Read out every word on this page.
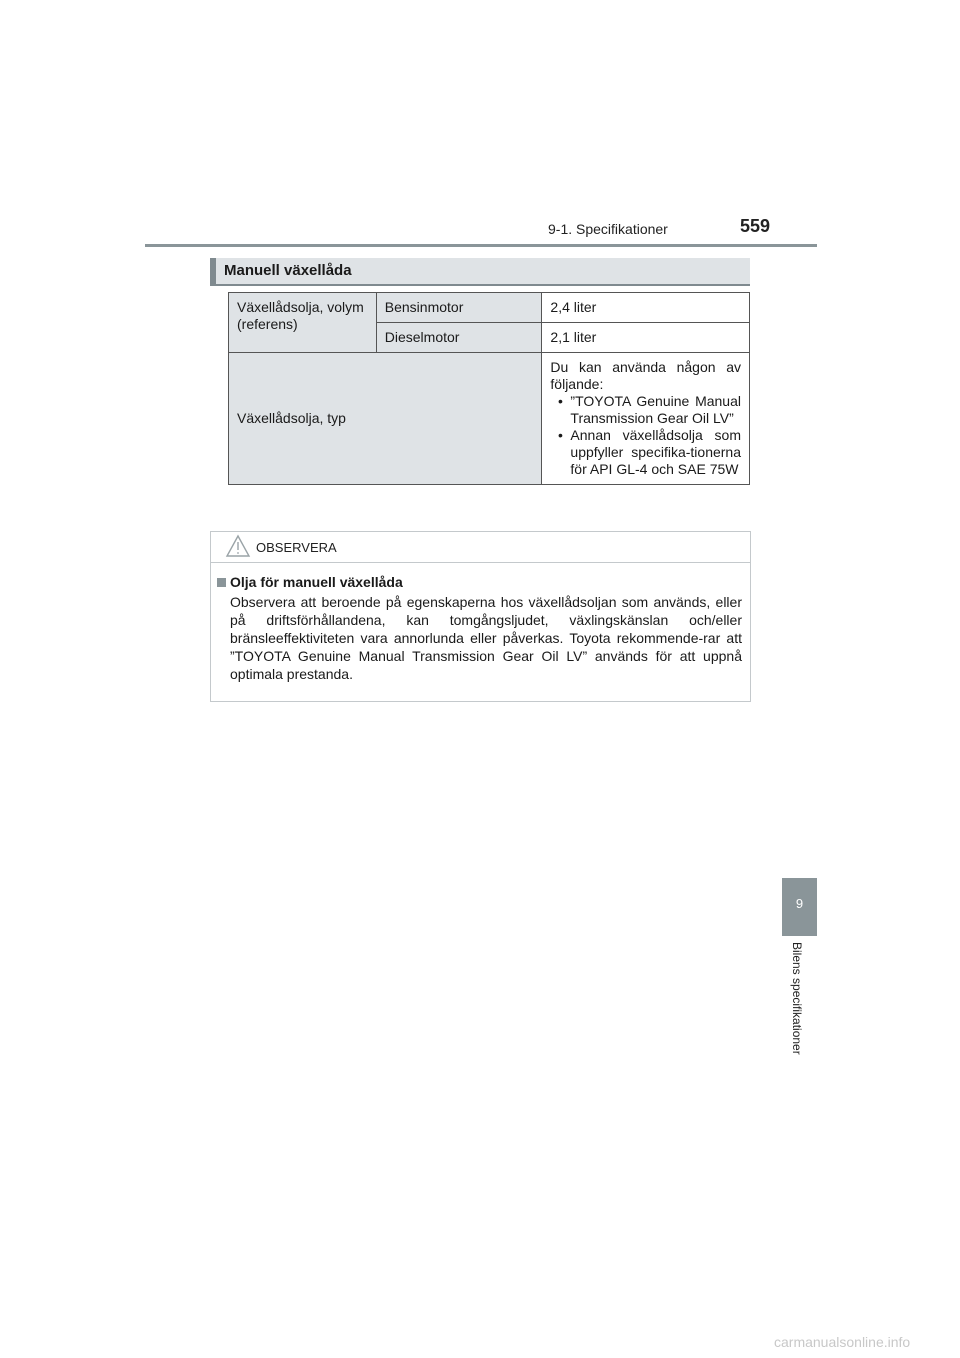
9-1. Specifikationer	559
Manuell växellåda
Växellådsolja, volym (referens)	Bensinmotor	2,4 liter
	Dieselmotor	2,1 liter
Växellådsolja, typ		Du kan använda någon av följande:
• ”TOYOTA Genuine Manual Transmission Gear Oil LV”
• Annan växellådsolja som uppfyller specifika-tionerna för API GL-4 och SAE 75W
OBSERVERA
Olja för manuell växellåda
Observera att beroende på egenskaperna hos växellådsoljan som används, eller på driftsförhållandena, kan tomgångsljudet, växlingskänslan och/eller bränsleeffektiviteten vara annorlunda eller påverkas. Toyota rekommende-rar att ”TOYOTA Genuine Manual Transmission Gear Oil LV” används för att uppnå optimala prestanda.
9
Bilens specifikationer
carmanualsonline.info
